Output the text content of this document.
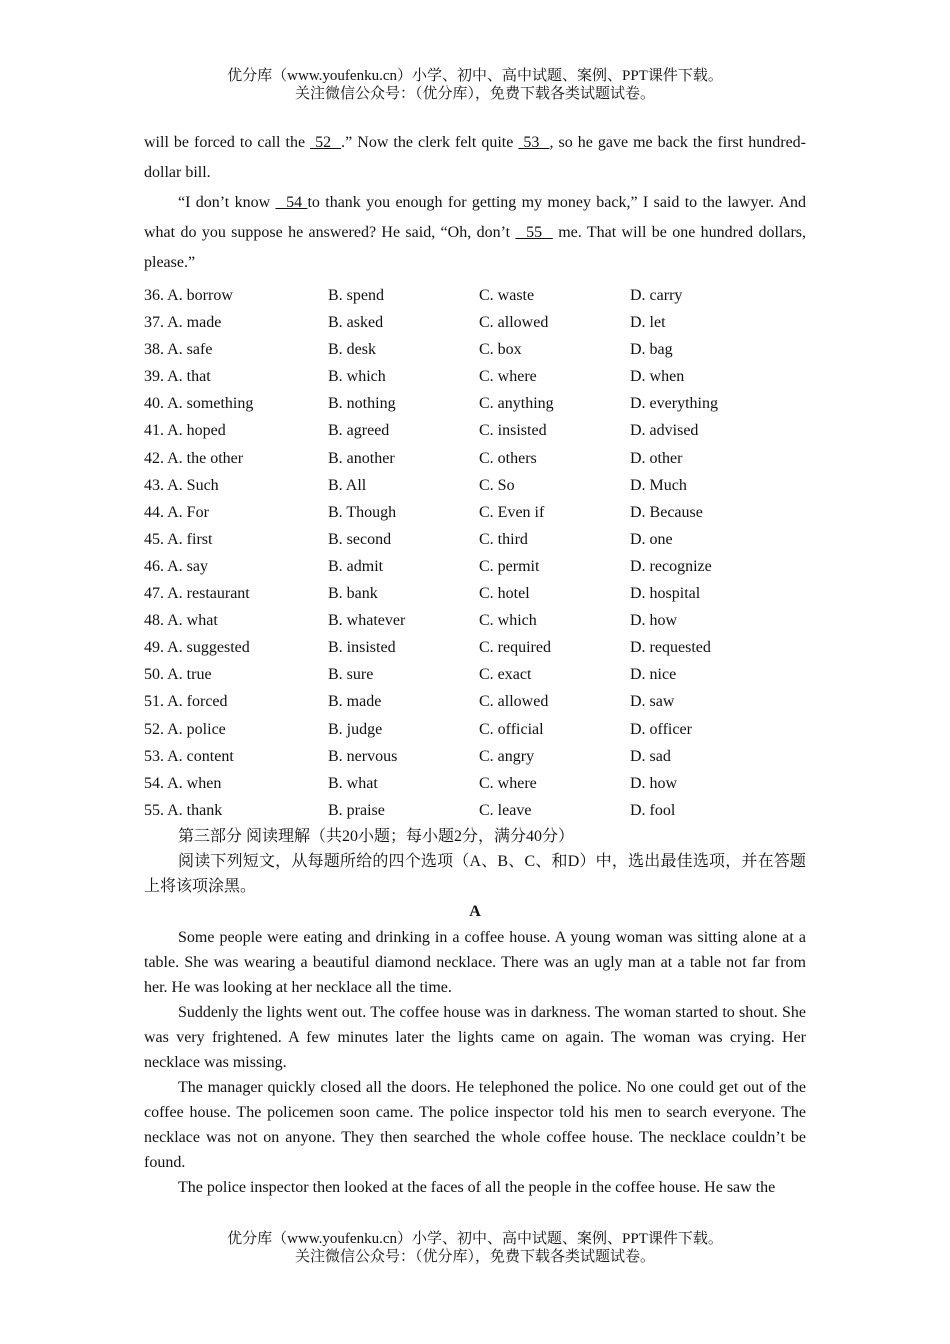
优分库（www.youfenku.cn）小学、初中、高中试题、案例、PPT课件下载。
关注微信公众号：（优分库），免费下载各类试题试卷。

will be forced to call the  52  .” Now the clerk felt quite  53  , so he gave me back the first hundred-dollar bill.

“I don’t know   54 to thank you enough for getting my money back,” I said to the lawyer. And what do you suppose he answered? He said, “Oh, don’t   55   me. That will be one hundred dollars, please.”

36. A. borrow	B. spend	C. waste	D. carry
37. A. made	B. asked	C. allowed	D. let
38. A. safe	B. desk	C. box	D. bag
39. A. that	B. which	C. where	D. when
40. A. something	B. nothing	C. anything	D. everything
41. A. hoped	B. agreed	C. insisted	D. advised
42. A. the other	B. another	C. others	D. other
43. A. Such	B. All	C. So	D. Much
44. A. For	B. Though	C. Even if	D. Because
45. A. first	B. second	C. third	D. one
46. A. say	B. admit	C. permit	D. recognize
47. A. restaurant	B. bank	C. hotel	D. hospital
48. A. what	B. whatever	C. which	D. how
49. A. suggested	B. insisted	C. required	D. requested
50. A. true	B. sure	C. exact	D. nice
51. A. forced	B. made	C. allowed	D. saw
52. A. police	B. judge	C. official	D. officer
53. A. content	B. nervous	C. angry	D. sad
54. A. when	B. what	C. where	D. how
55. A. thank	B. praise	C. leave	D. fool

第三部分 阅读理解（共20小题；每小题2分，满分40分）

阅读下列短文，从每题所给的四个选项（A、B、C、和D）中，选出最佳选项，并在答题上将该项涂黑。

A

Some people were eating and drinking in a coffee house. A young woman was sitting alone at a table. She was wearing a beautiful diamond necklace. There was an ugly man at a table not far from her. He was looking at her necklace all the time.

Suddenly the lights went out. The coffee house was in darkness. The woman started to shout. She was very frightened. A few minutes later the lights came on again. The woman was crying. Her necklace was missing.

The manager quickly closed all the doors. He telephoned the police. No one could get out of the coffee house. The policemen soon came. The police inspector told his men to search everyone. The necklace was not on anyone. They then searched the whole coffee house. The necklace couldn’t be found.

The police inspector then looked at the faces of all the people in the coffee house. He saw the

优分库（www.youfenku.cn）小学、初中、高中试题、案例、PPT课件下载。
关注微信公众号：（优分库），免费下载各类试题试卷。
